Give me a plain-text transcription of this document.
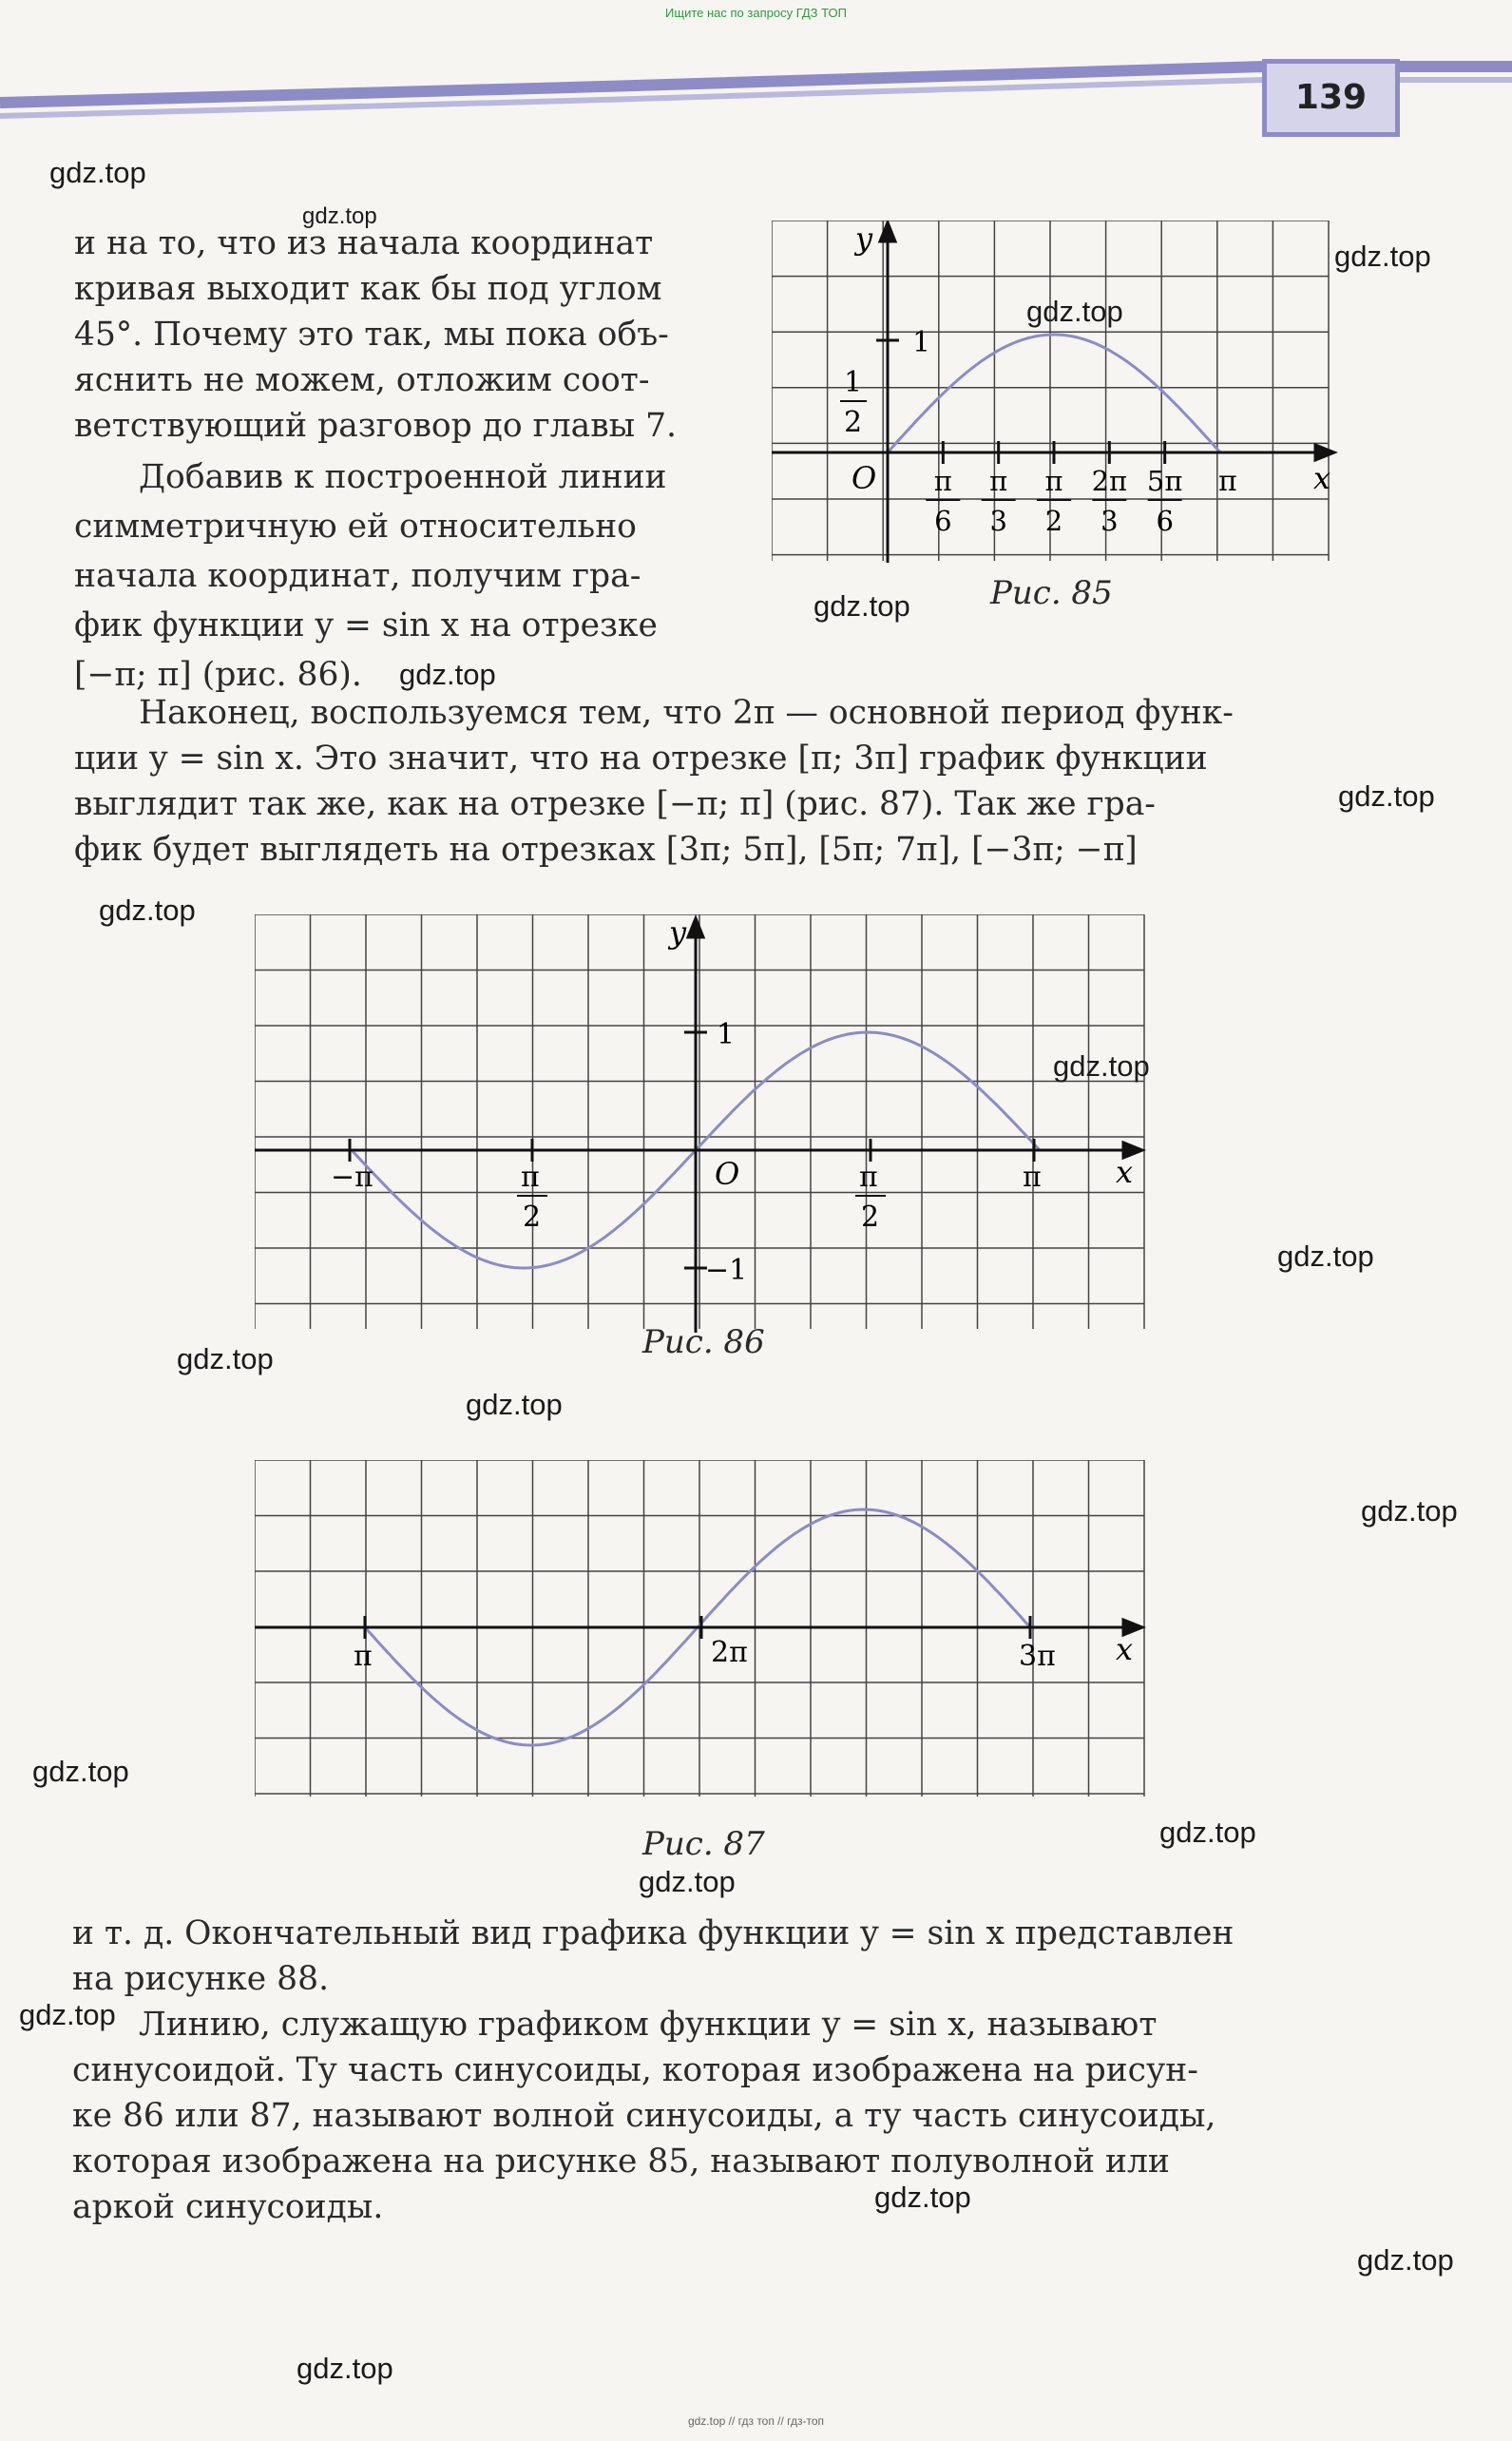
Ищите нас по запросу ГДЗ ТОП
139
и на то, что из начала координат
кривая выходит как бы под углом
45°. Почему это так, мы пока объ-
яснить не можем, отложим соот-
ветствующий разговор до главы 7.
Добавив к построенной линии
симметричную ей относительно
начала координат, получим гра-
фик функции y = sin x на отрезке
[−π; π] (рис. 86).
y
x
O
1
1
2
π
6
π
3
π
2
2π
3
5π
6
π
Рис. 85
Наконец, воспользуемся тем, что 2π — основной период функ-
ции y = sin x. Это значит, что на отрезке [π; 3π] график функции
выглядит так же, как на отрезке [−π; π] (рис. 87). Так же гра-
фик будет выглядеть на отрезках [3π; 5π], [5π; 7π], [−3π; −π]
y
x
O
1
−1
−π	π
2
π
2
π
Рис. 86
x
π	2π	3π
Рис. 87
и т. д. Окончательный вид графика функции y = sin x представлен
на рисунке 88.
Линию, служащую графиком функции y = sin x, называют
синусоидой. Ту часть синусоиды, которая изображена на рисун-
ке 86 или 87, называют волной синусоиды, а ту часть синусоиды,
которая изображена на рисунке 85, называют полуволной или
аркой синусоиды.
gdz.top
gdz.top
gdz.top
gdz.top
gdz.top
gdz.top
gdz.top
gdz.top
gdz.top
gdz.top
gdz.top
gdz.top
gdz.top
gdz.top
gdz.top
gdz.top
gdz.top
gdz.top
gdz.top
gdz.top
gdz.top // гдз топ // гдз-топ
